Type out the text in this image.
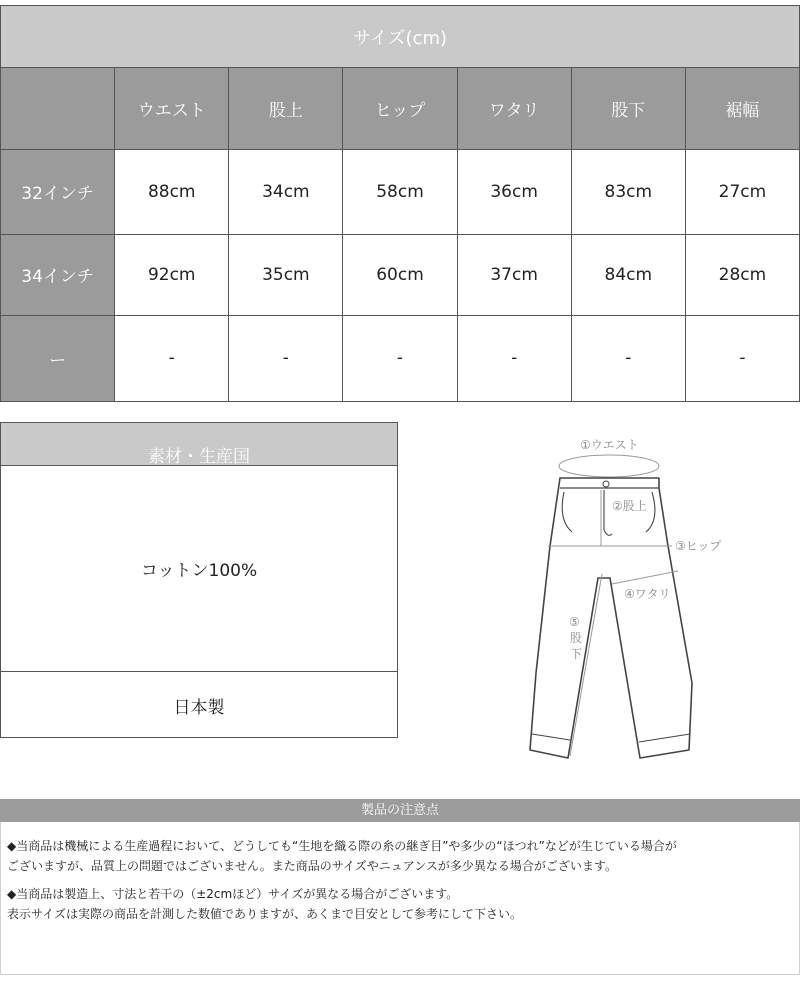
サイズ(cm)						
	ウエスト	股上	ヒップ	ワタリ	股下	裾幅
32インチ	88cm	34cm	58cm	36cm	83cm	27cm
34インチ	92cm	35cm	60cm	37cm	84cm	28cm
ー	-	-	-	-	-	-
素材・生産国
コットン100%
日本製
①ウエスト
②股上
③ヒップ
④ワタリ
⑤
股
下
製品の注意点

◆当商品は機械による生産過程において、どうしても“生地を織る際の糸の継ぎ目”や多少の“ほつれ”などが生じている場合が
ございますが、品質上の問題ではございません。また商品のサイズやニュアンスが多少異なる場合がございます。

◆当商品は製造上、寸法と若干の（±2cmほど）サイズが異なる場合がございます。
表示サイズは実際の商品を計測した数値でありますが、あくまで目安として参考にして下さい。
